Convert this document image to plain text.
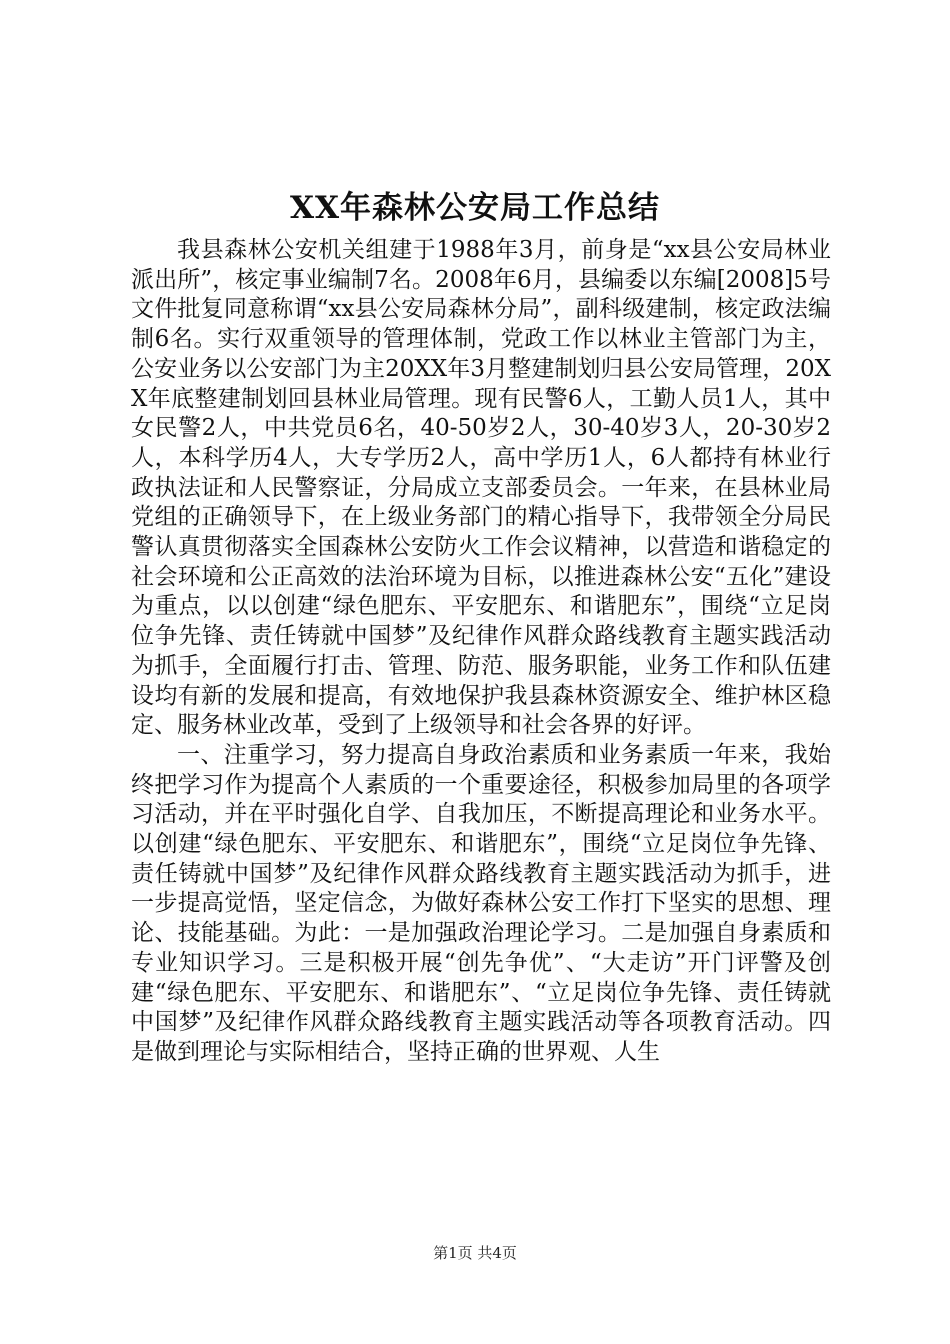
XX年森林公安局工作总结

我县森林公安机关组建于1988年3月，前身是“xx县公安局林业派出所”，核定事业编制7名。2008年6月，县编委以东编[2008]5号文件批复同意称谓“xx县公安局森林分局”，副科级建制，核定政法编制6名。实行双重领导的管理体制，党政工作以林业主管部门为主，公安业务以公安部门为主20XX年3月整建制划归县公安局管理，20XX年底整建制划回县林业局管理。现有民警6人，工勤人员1人，其中女民警2人，中共党员6名，40-50岁2人，30-40岁3人，20-30岁2人，本科学历4人，大专学历2人，高中学历1人，6人都持有林业行政执法证和人民警察证，分局成立支部委员会。一年来，在县林业局党组的正确领导下，在上级业务部门的精心指导下，我带领全分局民警认真贯彻落实全国森林公安防火工作会议精神，以营造和谐稳定的社会环境和公正高效的法治环境为目标，以推进森林公安“五化”建设为重点，以以创建“绿色肥东、平安肥东、和谐肥东”，围绕“立足岗位争先锋、责任铸就中国梦”及纪律作风群众路线教育主题实践活动为抓手，全面履行打击、管理、防范、服务职能，业务工作和队伍建设均有新的发展和提高，有效地保护我县森林资源安全、维护林区稳定、服务林业改革，受到了上级领导和社会各界的好评。

一、注重学习，努力提高自身政治素质和业务素质一年来，我始终把学习作为提高个人素质的一个重要途径，积极参加局里的各项学习活动，并在平时强化自学、自我加压，不断提高理论和业务水平。以创建“绿色肥东、平安肥东、和谐肥东”，围绕“立足岗位争先锋、责任铸就中国梦”及纪律作风群众路线教育主题实践活动为抓手，进一步提高觉悟，坚定信念，为做好森林公安工作打下坚实的思想、理论、技能基础。为此：一是加强政治理论学习。二是加强自身素质和专业知识学习。三是积极开展“创先争优”、“大走访”开门评警及创建“绿色肥东、平安肥东、和谐肥东”、“立足岗位争先锋、责任铸就中国梦”及纪律作风群众路线教育主题实践活动等各项教育活动。四是做到理论与实际相结合，坚持正确的世界观、人生

第1页 共4页
